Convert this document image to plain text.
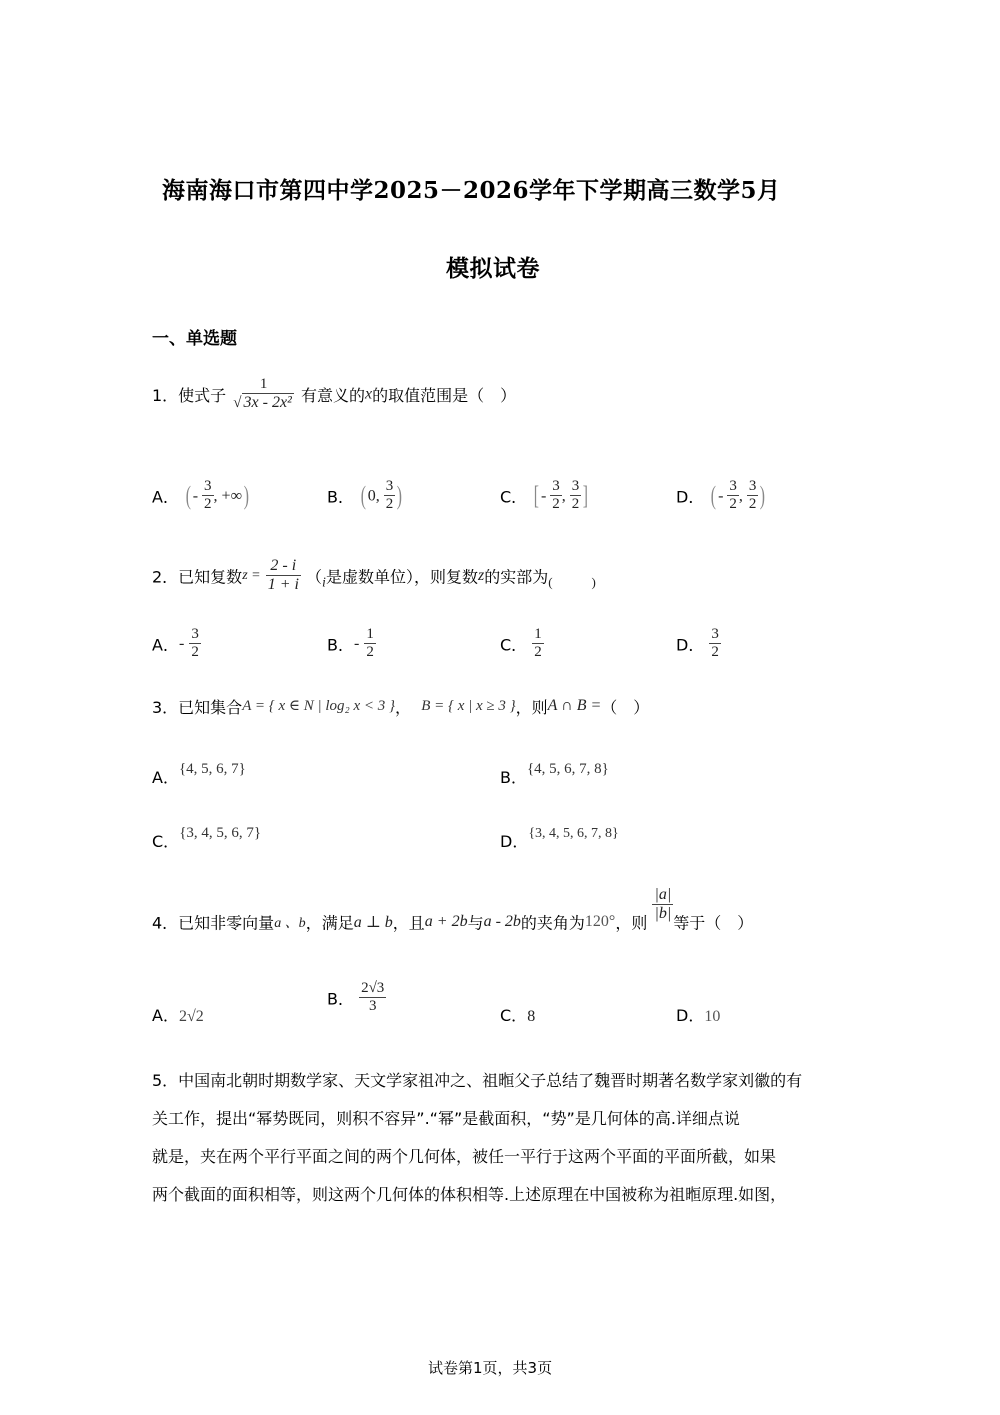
海南海口市第四中学2025－2026学年下学期高三数学5月
模拟试卷
一、单选题
1．使式子
1
√ 3x - 2x² 有意义的x的取值范围是（　）
A． ( - $\frac{3}{2}$ , +∞)	B． ( 0, $\frac{3}{2}$ )	C． [ - $\frac{3}{2}$ , $\frac{3}{2}$ ]	D． ( - $\frac{3}{2}$ , $\frac{3}{2}$ )
2．已知复数$z = \frac{2 - i}{1 + i} (i$是虚数单位），则复数z的实部为$_{( )}$
A．- $\frac{3}{2}$	B．- $\frac{1}{2}$	C． $\frac{1}{2}$	D． $\frac{3}{2}$
3．已知集合A = { x ∈ N | log₂ x < 3 }， B = { x | x ≥ 3 }，则A ∩ B =（　）
A．{4, 5, 6, 7}	B．{4, 5, 6, 7, 8}
C．{3, 4, 5, 6, 7}	D．{3, 4, 5, 6, 7, 8}
4．已知非零向量a 、b，满足a ⊥ b，且a + 2b与a - 2b的夹角为120°，则 $\frac{|a|}{|b|}$ 等于（　）
A．2√2
B． $\frac{2√3}{3}$	C．8	D．10
5．中国南北朝时期数学家、天文学家祖冲之、祖暅父子总结了魏晋时期著名数学家刘徽的有
关工作，提出“幂势既同，则积不容异”.“幂”是截面积，“势”是几何体的高.详细点说
就是，夹在两个平行平面之间的两个几何体，被任一平行于这两个平面的平面所截，如果
两个截面的面积相等，则这两个几何体的体积相等.上述原理在中国被称为祖暅原理.如图，
试卷第1页，共3页
